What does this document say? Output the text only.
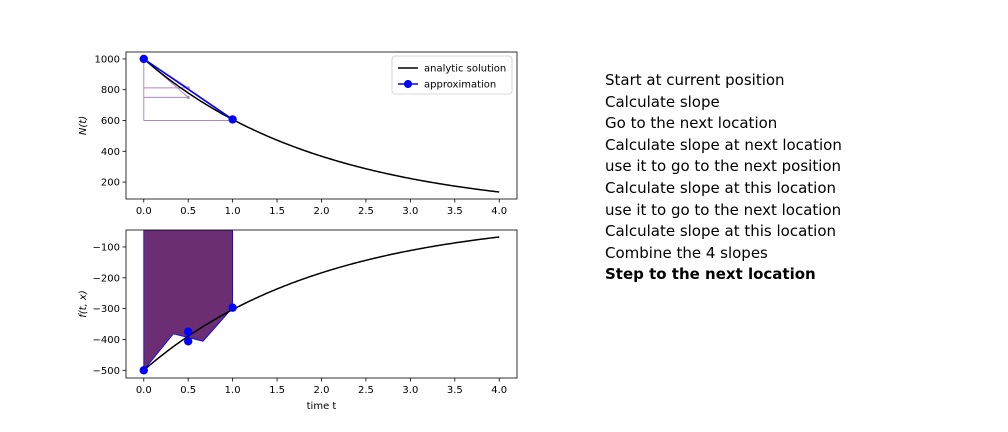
0.0	0.5	1.0	1.5	2.0	2.5	3.0	3.5	4.0
200
400
600
800
1000
N(t)
analytic solution
approximation
0.0	0.5	1.0	1.5	2.0	2.5	3.0	3.5	4.0
−500
−400
−300
−200
−100
f(t, x)
time t
Start at current position
Calculate slope
Go to the next location
Calculate slope at next location
use it to go to the next position
Calculate slope at this location
use it to go to the next location
Calculate slope at this location
Combine the 4 slopes
Step to the next location
